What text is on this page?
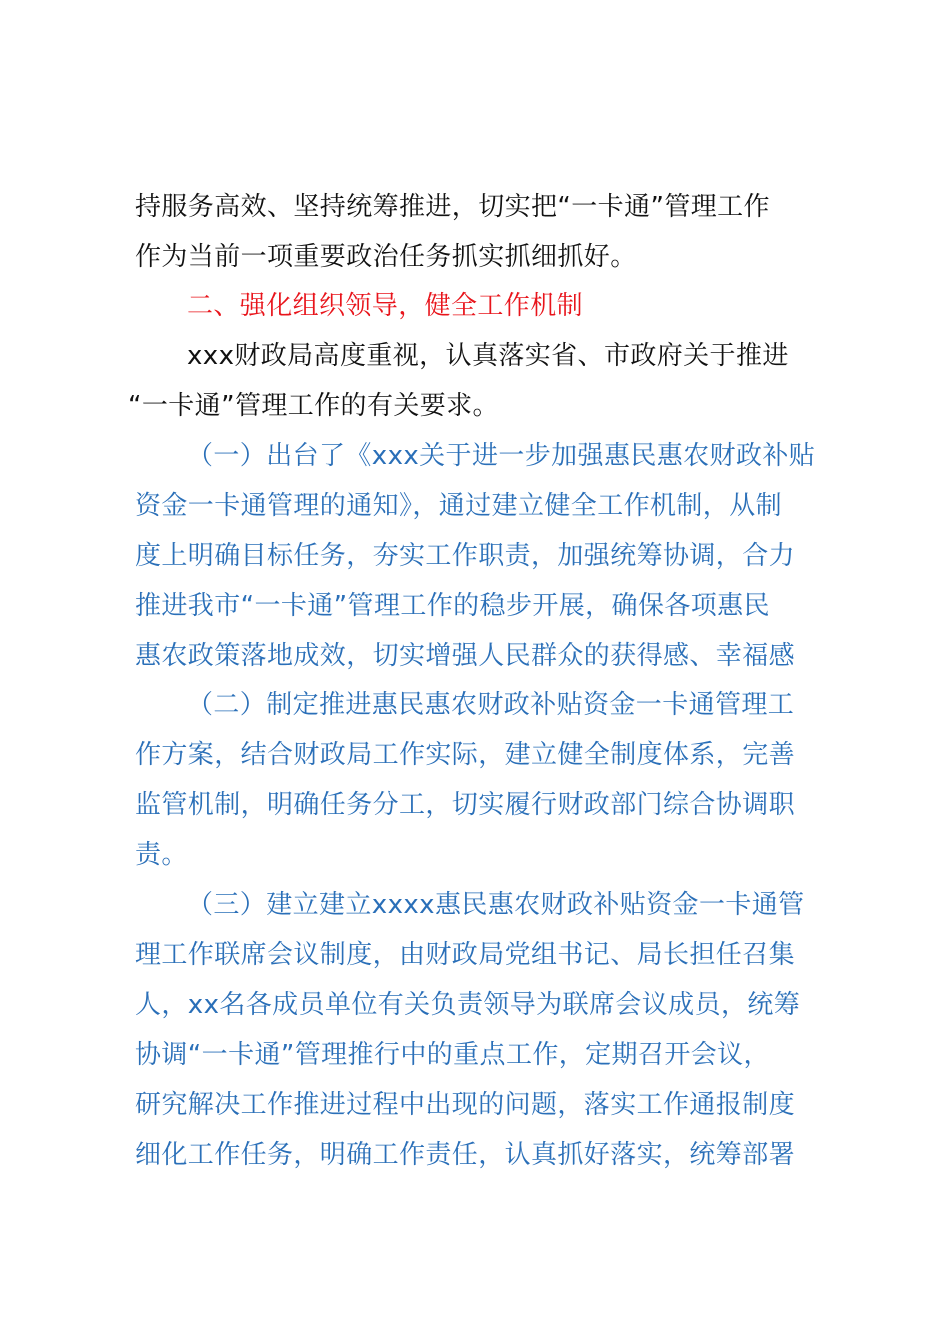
持服务高效、坚持统筹推进，切实把“一卡通”管理工作
作为当前一项重要政治任务抓实抓细抓好。
二、强化组织领导，健全工作机制
xxx财政局高度重视，认真落实省、市政府关于推进
“一卡通”管理工作的有关要求。
（一）出台了《xxx关于进一步加强惠民惠农财政补贴
资金一卡通管理的通知》，通过建立健全工作机制，从制
度上明确目标任务，夯实工作职责，加强统筹协调，合力
推进我市“一卡通”管理工作的稳步开展，确保各项惠民
惠农政策落地成效，切实增强人民群众的获得感、幸福感
（二）制定推进惠民惠农财政补贴资金一卡通管理工
作方案，结合财政局工作实际，建立健全制度体系，完善
监管机制，明确任务分工，切实履行财政部门综合协调职
责。
（三）建立建立xxxx惠民惠农财政补贴资金一卡通管
理工作联席会议制度，由财政局党组书记、局长担任召集
人，xx名各成员单位有关负责领导为联席会议成员，统筹
协调“一卡通”管理推行中的重点工作，定期召开会议，
研究解决工作推进过程中出现的问题，落实工作通报制度
细化工作任务，明确工作责任，认真抓好落实，统筹部署
